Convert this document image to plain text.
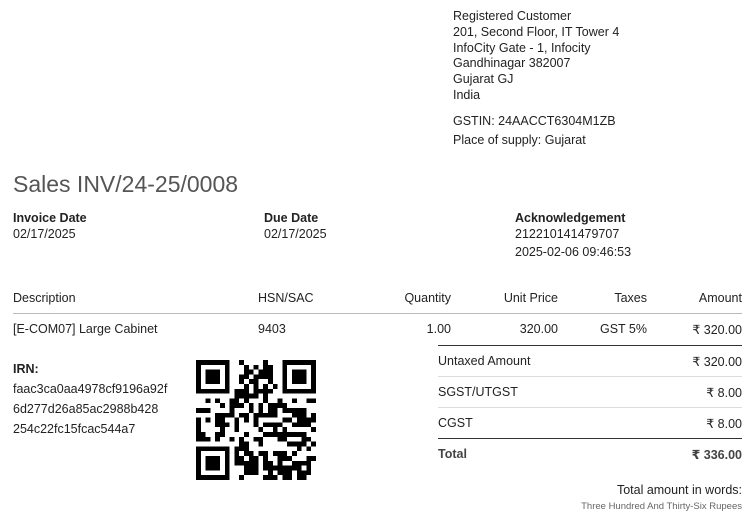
Registered Customer
201, Second Floor, IT Tower 4
InfoCity Gate - 1, Infocity
Gandhinagar 382007
Gujarat GJ
India
GSTIN: 24AACCT6304M1ZB
Place of supply: Gujarat
Sales INV/24-25/0008
Invoice Date
02/17/2025
Due Date
02/17/2025
Acknowledgement
212210141479707
2025-02-06 09:46:53
Description	HSN/SAC	Quantity	Unit Price	Taxes	Amount
[E-COM07] Large Cabinet	9403	1.00	320.00	GST 5%	₹ 320.00
IRN:
faac3ca0aa4978cf9196a92f
6d277d26a85ac2988b428
254c22fc15fcac544a7
Untaxed Amount	₹ 320.00
SGST/UTGST	₹ 8.00
CGST	₹ 8.00
Total	₹ 336.00
Total amount in words:
Three Hundred And Thirty-Six Rupees
